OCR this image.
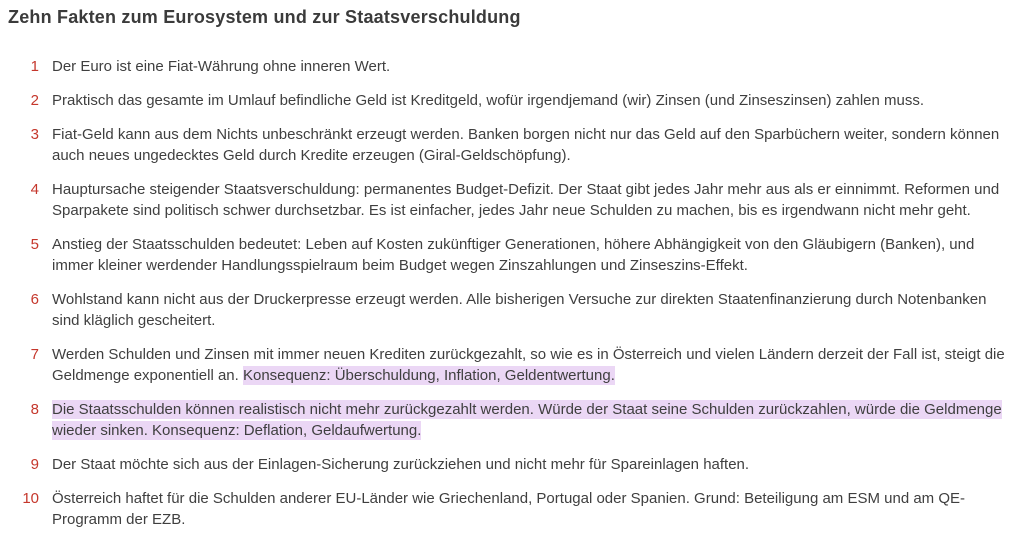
Zehn Fakten zum Eurosystem und zur Staatsverschuldung
1 Der Euro ist eine Fiat-Währung ohne inneren Wert.
2 Praktisch das gesamte im Umlauf befindliche Geld ist Kreditgeld, wofür irgendjemand (wir) Zinsen (und Zinseszinsen) zahlen muss.
3 Fiat-Geld kann aus dem Nichts unbeschränkt erzeugt werden. Banken borgen nicht nur das Geld auf den Sparbüchern weiter, sondern können auch neues ungedecktes Geld durch Kredite erzeugen (Giral-Geldschöpfung).
4 Hauptursache steigender Staatsverschuldung: permanentes Budget-Defizit. Der Staat gibt jedes Jahr mehr aus als er einnimmt. Reformen und Sparpakete sind politisch schwer durchsetzbar. Es ist einfacher, jedes Jahr neue Schulden zu machen, bis es irgendwann nicht mehr geht.
5 Anstieg der Staatsschulden bedeutet: Leben auf Kosten zukünftiger Generationen, höhere Abhängigkeit von den Gläubigern (Banken), und immer kleiner werdender Handlungsspielraum beim Budget wegen Zinszahlungen und Zinseszins-Effekt.
6 Wohlstand kann nicht aus der Druckerpresse erzeugt werden. Alle bisherigen Versuche zur direkten Staatenfinanzierung durch Notenbanken sind kläglich gescheitert.
7 Werden Schulden und Zinsen mit immer neuen Krediten zurückgezahlt, so wie es in Österreich und vielen Ländern derzeit der Fall ist, steigt die Geldmenge exponentiell an. Konsequenz: Überschuldung, Inflation, Geldentwertung.
8 Die Staatsschulden können realistisch nicht mehr zurückgezahlt werden. Würde der Staat seine Schulden zurückzahlen, würde die Geldmenge wieder sinken. Konsequenz: Deflation, Geldaufwertung.
9 Der Staat möchte sich aus der Einlagen-Sicherung zurückziehen und nicht mehr für Spareinlagen haften.
10 Österreich haftet für die Schulden anderer EU-Länder wie Griechenland, Portugal oder Spanien. Grund: Beteiligung am ESM und am QE-Programm der EZB.
